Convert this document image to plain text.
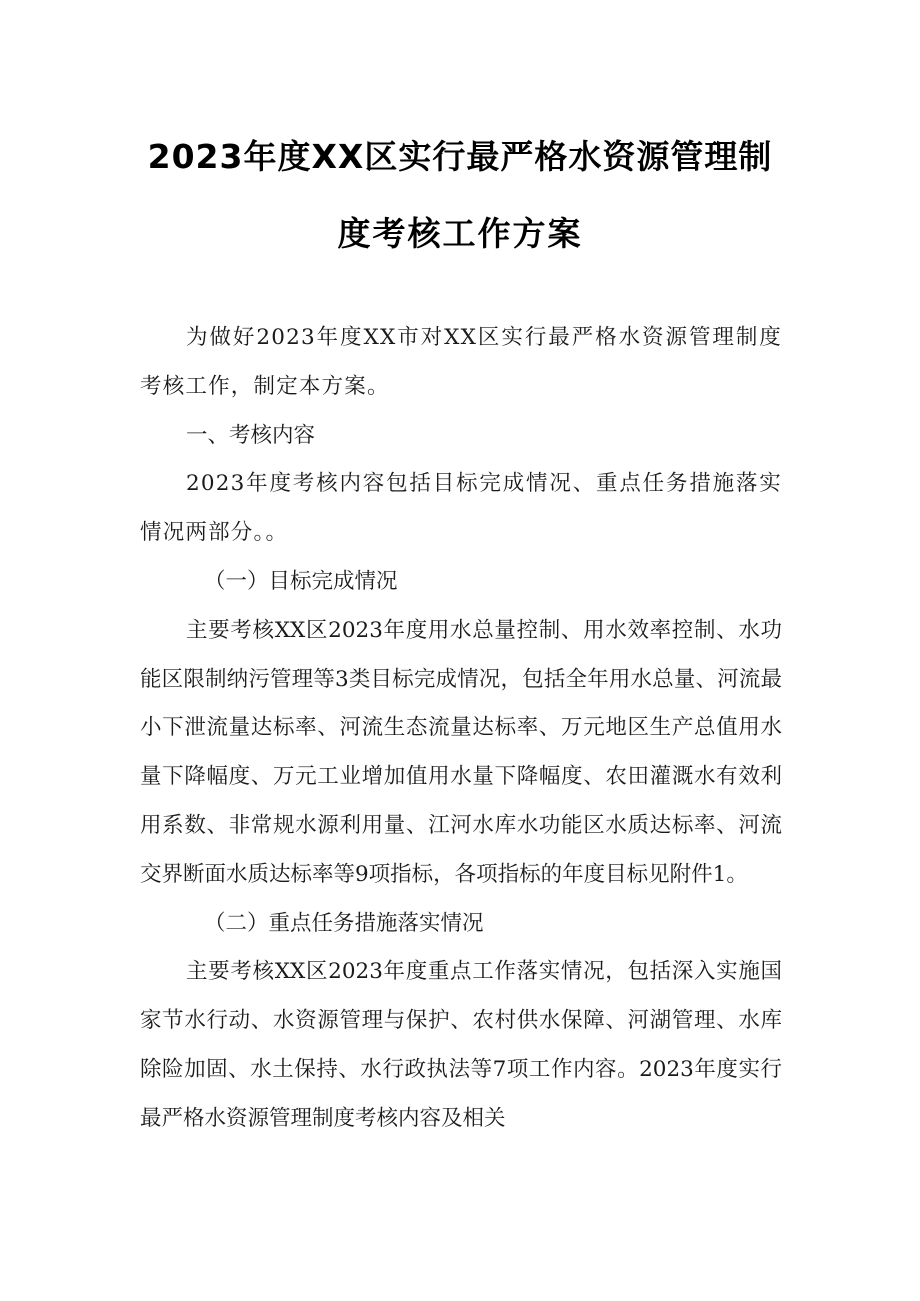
2023年度XX区实行最严格水资源管理制
度考核工作方案

为做好2023年度XX市对XX区实行最严格水资源管理制度考核工作，制定本方案。

一、考核内容

2023年度考核内容包括目标完成情况、重点任务措施落实情况两部分。。

（一）目标完成情况

主要考核XX区2023年度用水总量控制、用水效率控制、水功能区限制纳污管理等3类目标完成情况，包括全年用水总量、河流最小下泄流量达标率、河流生态流量达标率、万元地区生产总值用水量下降幅度、万元工业增加值用水量下降幅度、农田灌溉水有效利用系数、非常规水源利用量、江河水库水功能区水质达标率、河流交界断面水质达标率等9项指标，各项指标的年度目标见附件1。

（二）重点任务措施落实情况

主要考核XX区2023年度重点工作落实情况，包括深入实施国家节水行动、水资源管理与保护、农村供水保障、河湖管理、水库除险加固、水土保持、水行政执法等7项工作内容。2023年度实行最严格水资源管理制度考核内容及相关
